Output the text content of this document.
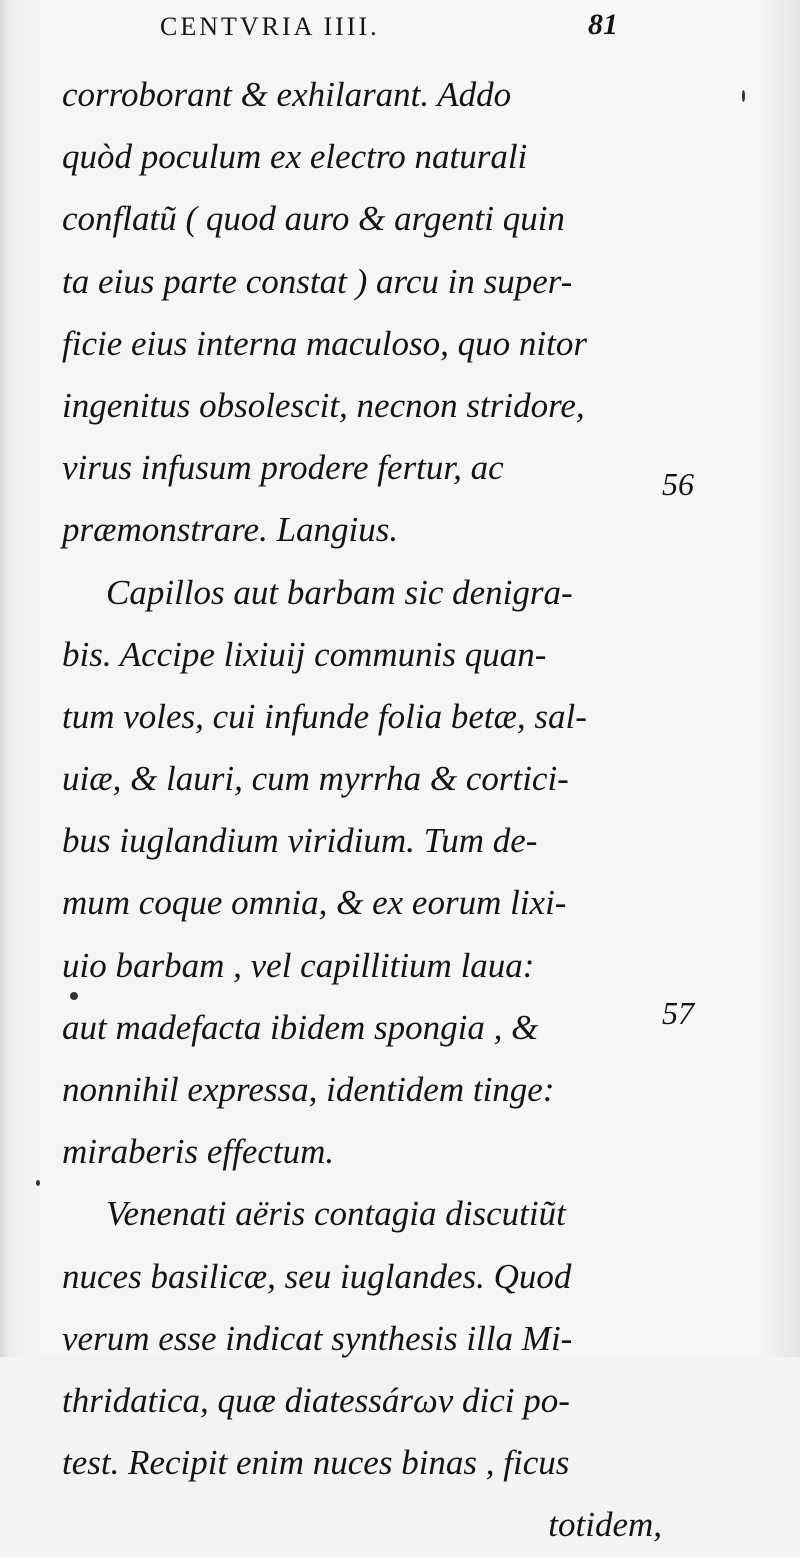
CENTVRIA IIII.	81
corroborant & exhilarant. Addo
quòd poculum ex electro naturali
conflatũ ( quod auro & argenti quin
ta eius parte constat ) arcu in super-
ficie eius interna maculoso, quo nitor
ingenitus obsolescit, necnon stridore,
virus infusum prodere fertur, ac
præmonstrare. Langius.
Capillos aut barbam sic denigra-
bis. Accipe lixiuij communis quan-
tum voles, cui infunde folia betæ, sal-
uiæ, & lauri, cum myrrha & cortici-
bus iuglandium viridium. Tum de-
mum coque omnia, & ex eorum lixi-
uio barbam , vel capillitium laua:
aut madefacta ibidem spongia , &
nonnihil expressa, identidem tinge:
miraberis effectum.
Venenati aëris contagia discutiũt
nuces basilicæ, seu iuglandes. Quod
verum esse indicat synthesis illa Mi-
thridatica, quæ diatessárων dici po-
test. Recipit enim nuces binas , ficus
totidem,
56
57
